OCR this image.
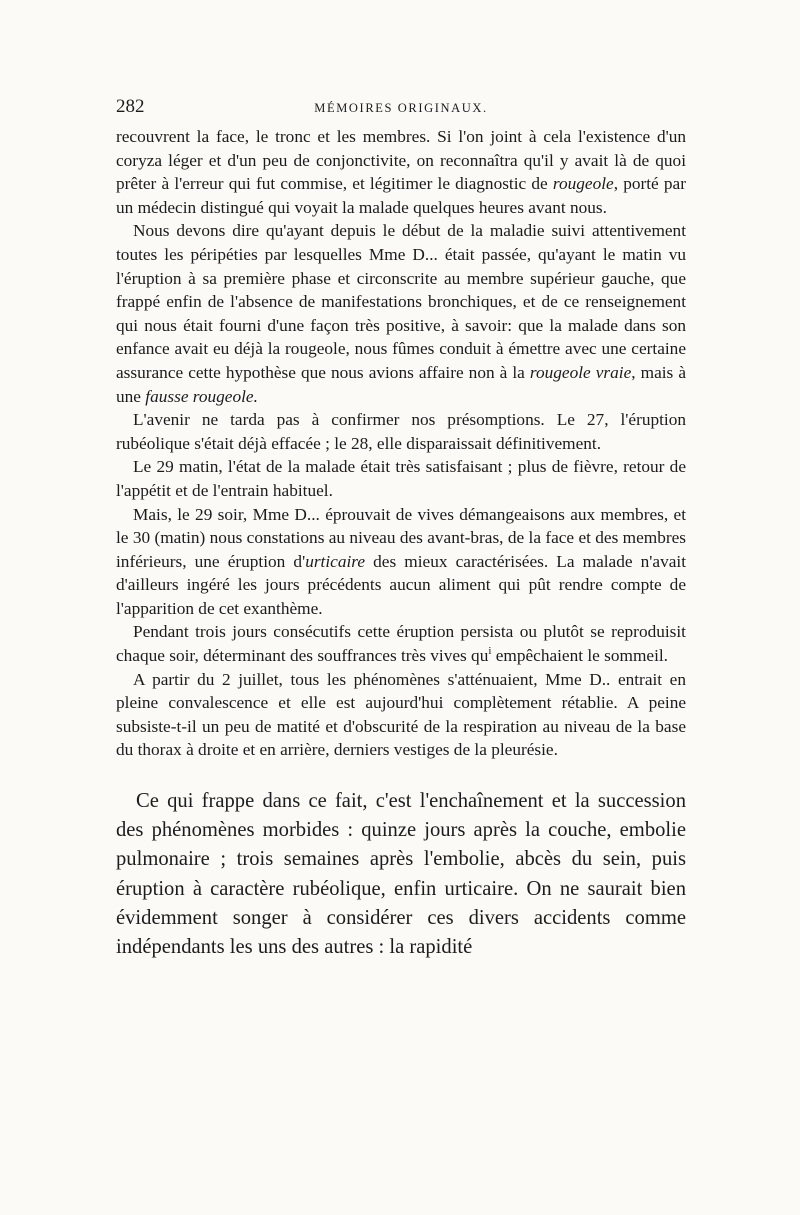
282	MÉMOIRES ORIGINAUX.

recouvrent la face, le tronc et les membres. Si l'on joint à cela l'existence d'un coryza léger et d'un peu de conjonctivite, on reconnaîtra qu'il y avait là de quoi prêter à l'erreur qui fut commise, et légitimer le diagnostic de rougeole, porté par un médecin distingué qui voyait la malade quelques heures avant nous.

Nous devons dire qu'ayant depuis le début de la maladie suivi attentivement toutes les péripéties par lesquelles Mme D... était passée, qu'ayant le matin vu l'éruption à sa première phase et circonscrite au membre supérieur gauche, que frappé enfin de l'absence de manifestations bronchiques, et de ce renseignement qui nous était fourni d'une façon très positive, à savoir: que la malade dans son enfance avait eu déjà la rougeole, nous fûmes conduit à émettre avec une certaine assurance cette hypothèse que nous avions affaire non à la rougeole vraie, mais à une fausse rougeole.

L'avenir ne tarda pas à confirmer nos présomptions. Le 27, l'éruption rubéolique s'était déjà effacée ; le 28, elle disparaissait définitivement.

Le 29 matin, l'état de la malade était très satisfaisant ; plus de fièvre, retour de l'appétit et de l'entrain habituel.

Mais, le 29 soir, Mme D... éprouvait de vives démangeaisons aux membres, et le 30 (matin) nous constations au niveau des avant-bras, de la face et des membres inférieurs, une éruption d'urticaire des mieux caractérisées. La malade n'avait d'ailleurs ingéré les jours précédents aucun aliment qui pût rendre compte de l'apparition de cet exanthème.

Pendant trois jours consécutifs cette éruption persista ou plutôt se reproduisit chaque soir, déterminant des souffrances très vives $qu^i$ empêchaient le sommeil.

A partir du 2 juillet, tous les phénomènes s'atténuaient, Mme D.. entrait en pleine convalescence et elle est aujourd'hui complètement rétablie. A peine subsiste-t-il un peu de matité et d'obscurité de la respiration au niveau de la base du thorax à droite et en arrière, derniers vestiges de la pleurésie.

Ce qui frappe dans ce fait, c'est l'enchaînement et la succession des phénomènes morbides : quinze jours après la couche, embolie pulmonaire ; trois semaines après l'embolie, abcès du sein, puis éruption à caractère rubéolique, enfin urticaire. On ne saurait bien évidemment songer à considérer ces divers accidents comme indépendants les uns des autres : la rapidité
